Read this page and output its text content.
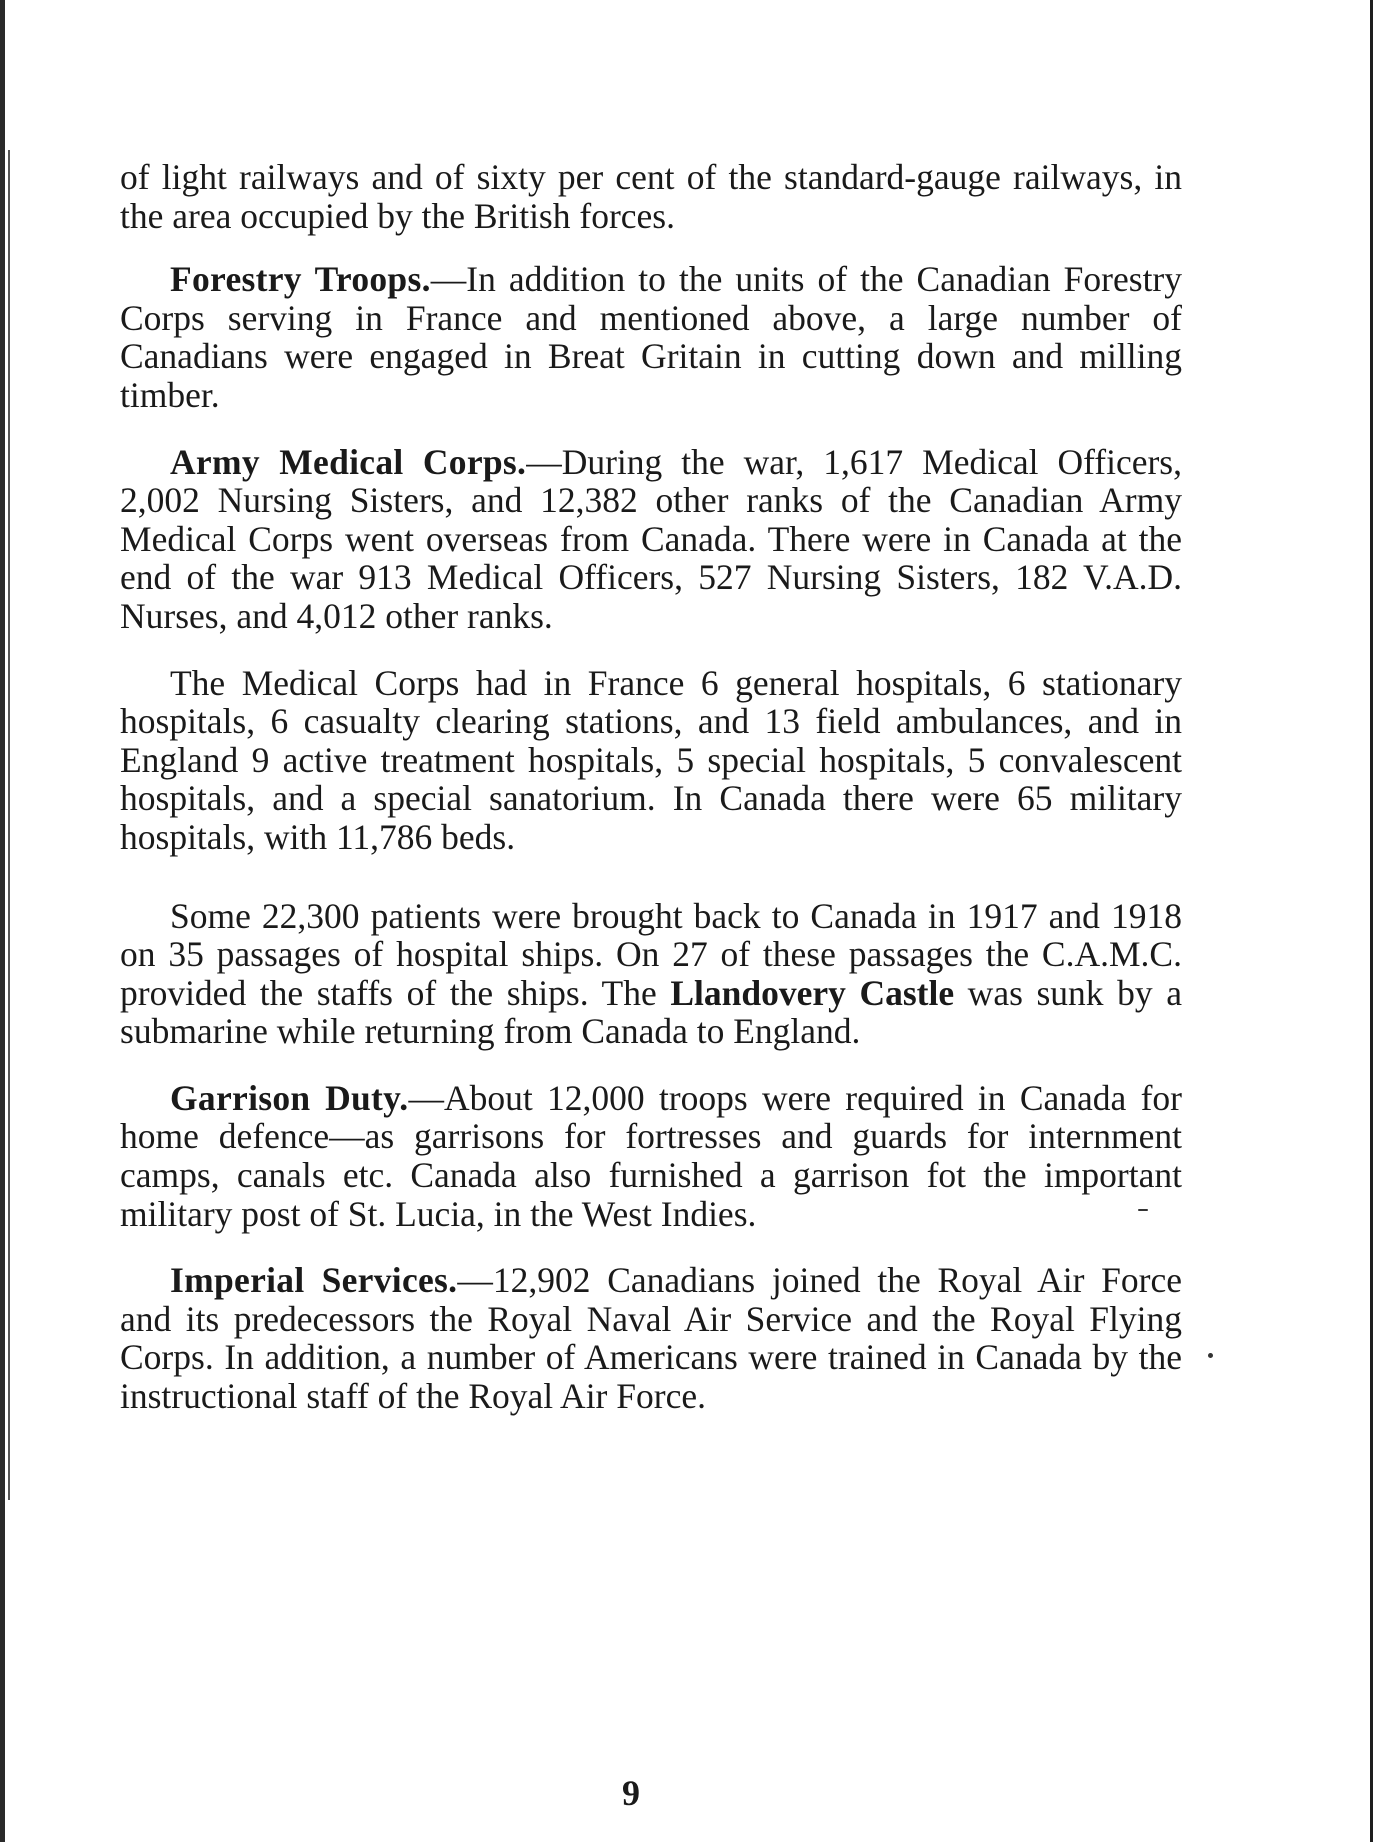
of light railways and of sixty per cent of the standard-gauge railways, in the area occupied by the British forces.

Forestry Troops.—In addition to the units of the Canadian Forestry Corps serving in France and mentioned above, a large number of Canadians were engaged in Breat Gritain in cutting down and milling timber.

Army Medical Corps.—During the war, 1,617 Medical Officers, 2,002 Nursing Sisters, and 12,382 other ranks of the Canadian Army Medical Corps went overseas from Canada. There were in Canada at the end of the war 913 Medical Officers, 527 Nursing Sisters, 182 V.A.D. Nurses, and 4,012 other ranks.

The Medical Corps had in France 6 general hospitals, 6 stationary hospitals, 6 casualty clearing stations, and 13 field ambulances, and in England 9 active treatment hospitals, 5 special hospitals, 5 convalescent hospitals, and a special sanatorium. In Canada there were 65 military hospitals, with 11,786 beds.

Some 22,300 patients were brought back to Canada in 1917 and 1918 on 35 passages of hospital ships. On 27 of these passages the C.A.M.C. provided the staffs of the ships. The Llandovery Castle was sunk by a submarine while returning from Canada to England.

Garrison Duty.—About 12,000 troops were required in Canada for home defence—as garrisons for fortresses and guards for internment camps, canals etc. Canada also furnished a garrison fot the important military post of St. Lucia, in the West Indies.

Imperial Services.—12,902 Canadians joined the Royal Air Force and its predecessors the Royal Naval Air Service and the Royal Flying Corps. In addition, a number of Americans were trained in Canada by the instructional staff of the Royal Air Force.

9
